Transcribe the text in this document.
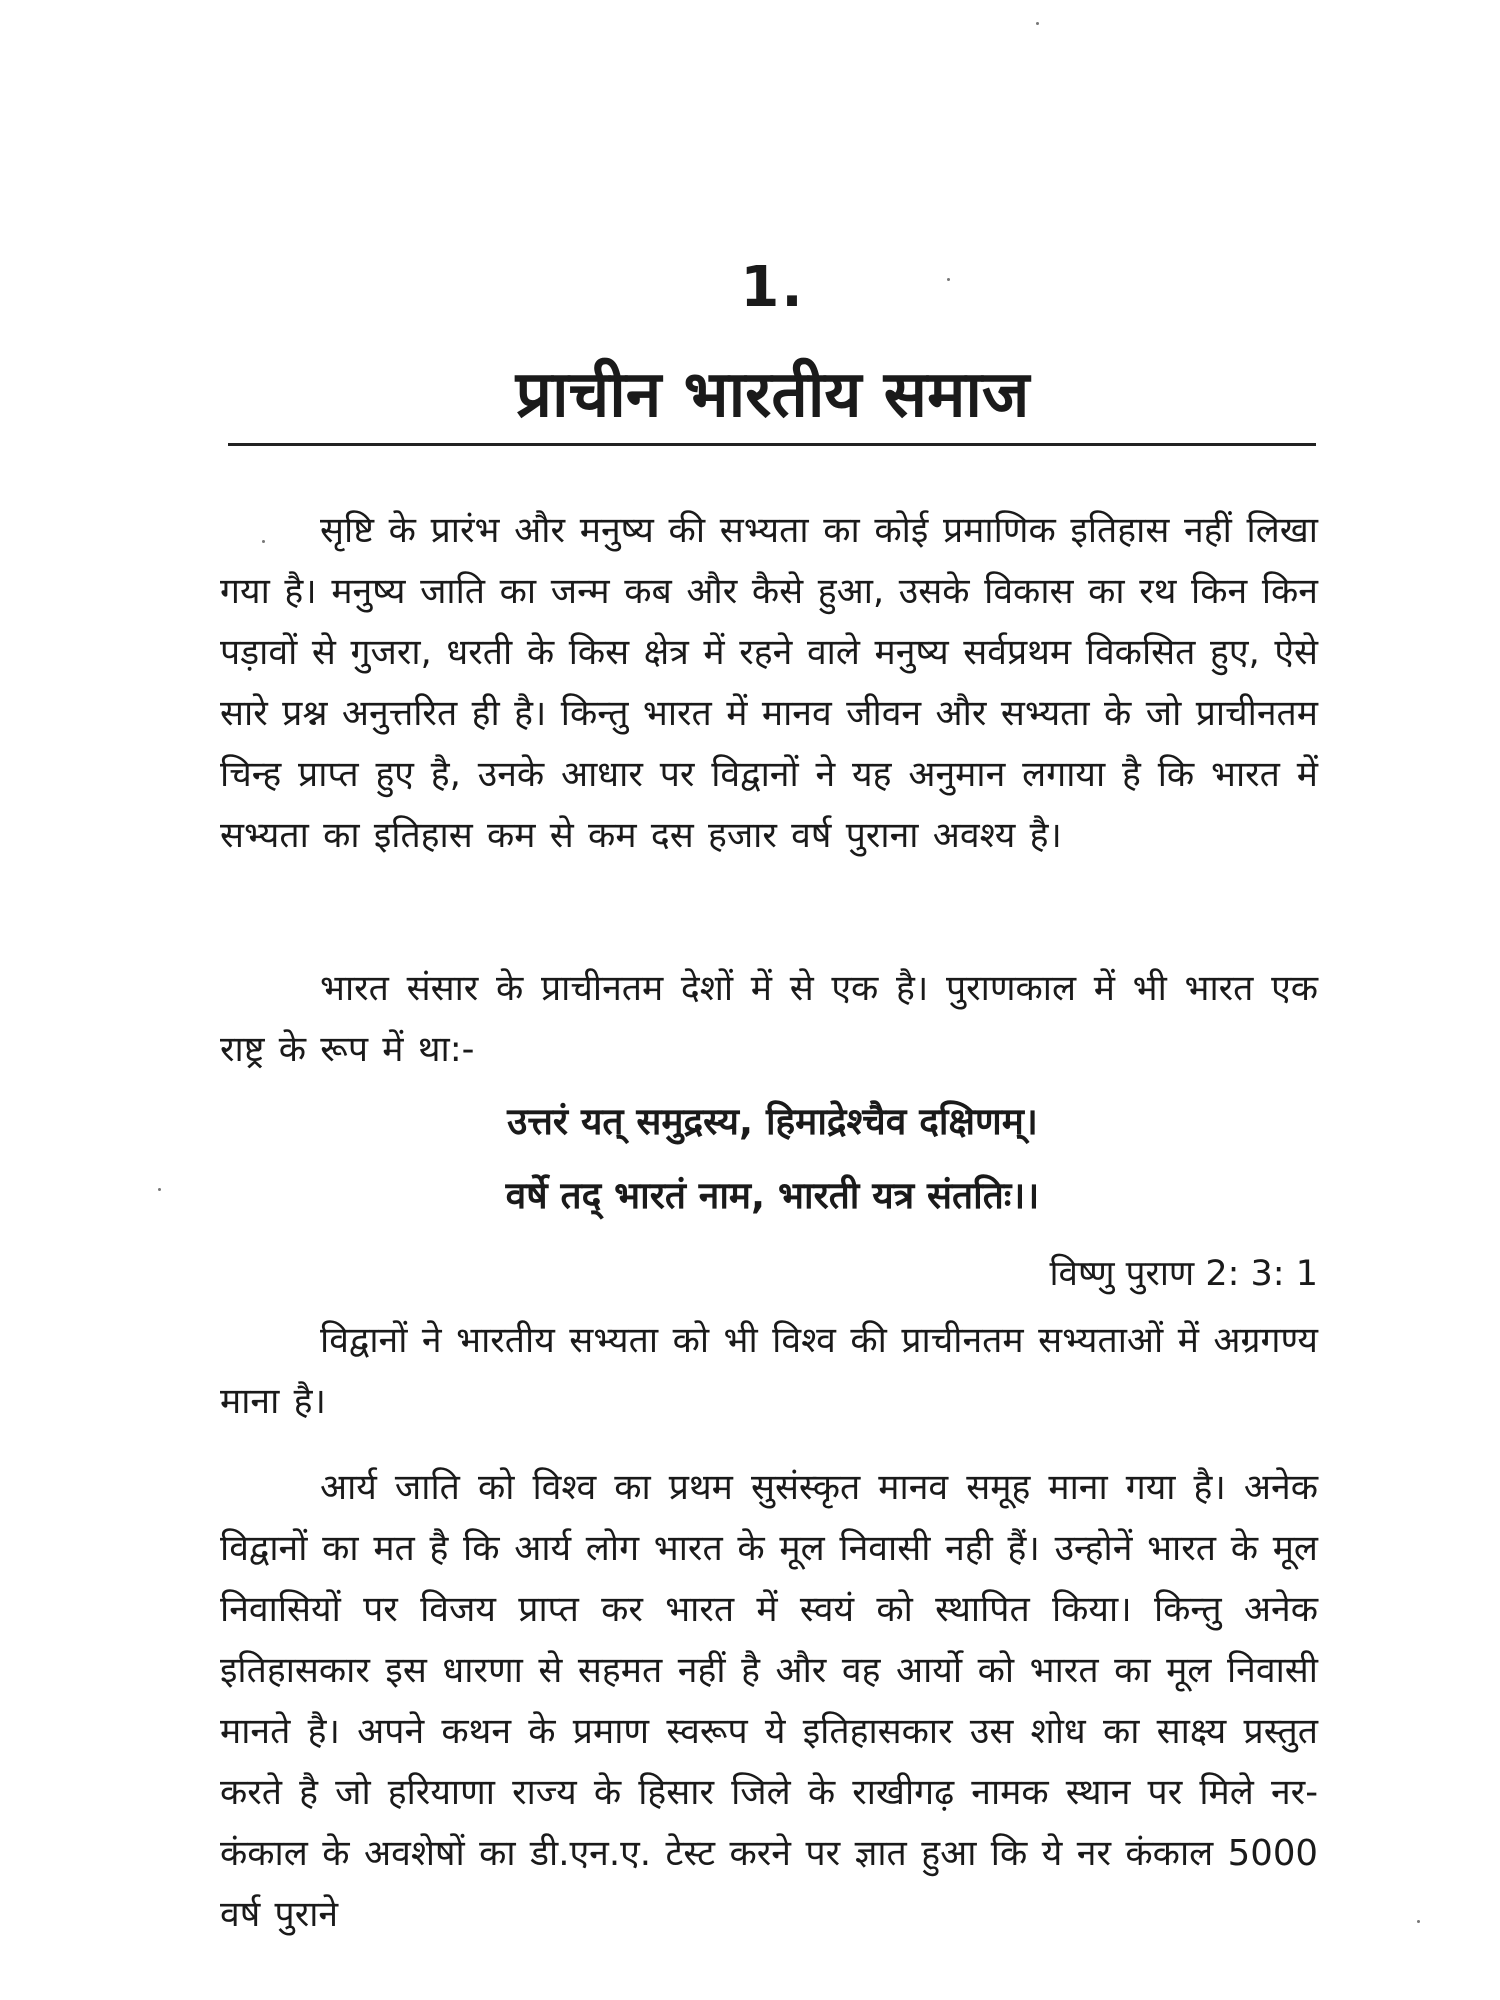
1.
प्राचीन भारतीय समाज

सृष्टि के प्रारंभ और मनुष्य की सभ्यता का कोई प्रमाणिक इतिहास नहीं लिखा गया है। मनुष्य जाति का जन्म कब और कैसे हुआ, उसके विकास का रथ किन किन पड़ावों से गुजरा, धरती के किस क्षेत्र में रहने वाले मनुष्य सर्वप्रथम विकसित हुए, ऐसे सारे प्रश्न अनुत्तरित ही है। किन्तु भारत में मानव जीवन और सभ्यता के जो प्राचीनतम चिन्ह प्राप्त हुए है, उनके आधार पर विद्वानों ने यह अनुमान लगाया है कि भारत में सभ्यता का इतिहास कम से कम दस हजार वर्ष पुराना अवश्य है।

भारत संसार के प्राचीनतम देशों में से एक है। पुराणकाल में भी भारत एक राष्ट्र के रूप में था:-

उत्तरं यत् समुद्रस्य, हिमाद्रेश्चैव दक्षिणम्।
वर्षे तद् भारतं नाम, भारती यत्र संततिः।।
विष्णु पुराण 2: 3: 1

विद्वानों ने भारतीय सभ्यता को भी विश्व की प्राचीनतम सभ्यताओं में अग्रगण्य माना है।

आर्य जाति को विश्व का प्रथम सुसंस्कृत मानव समूह माना गया है। अनेक विद्वानों का मत है कि आर्य लोग भारत के मूल निवासी नही हैं। उन्होनें भारत के मूल निवासियों पर विजय प्राप्त कर भारत में स्वयं को स्थापित किया। किन्तु अनेक इतिहासकार इस धारणा से सहमत नहीं है और वह आर्यो को भारत का मूल निवासी मानते है। अपने कथन के प्रमाण स्वरूप ये इतिहासकार उस शोध का साक्ष्य प्रस्तुत करते है जो हरियाणा राज्य के हिसार जिले के राखीगढ़ नामक स्थान पर मिले नर-कंकाल के अवशेषों का डी.एन.ए. टेस्ट करने पर ज्ञात हुआ कि ये नर कंकाल 5000 वर्ष पुराने
